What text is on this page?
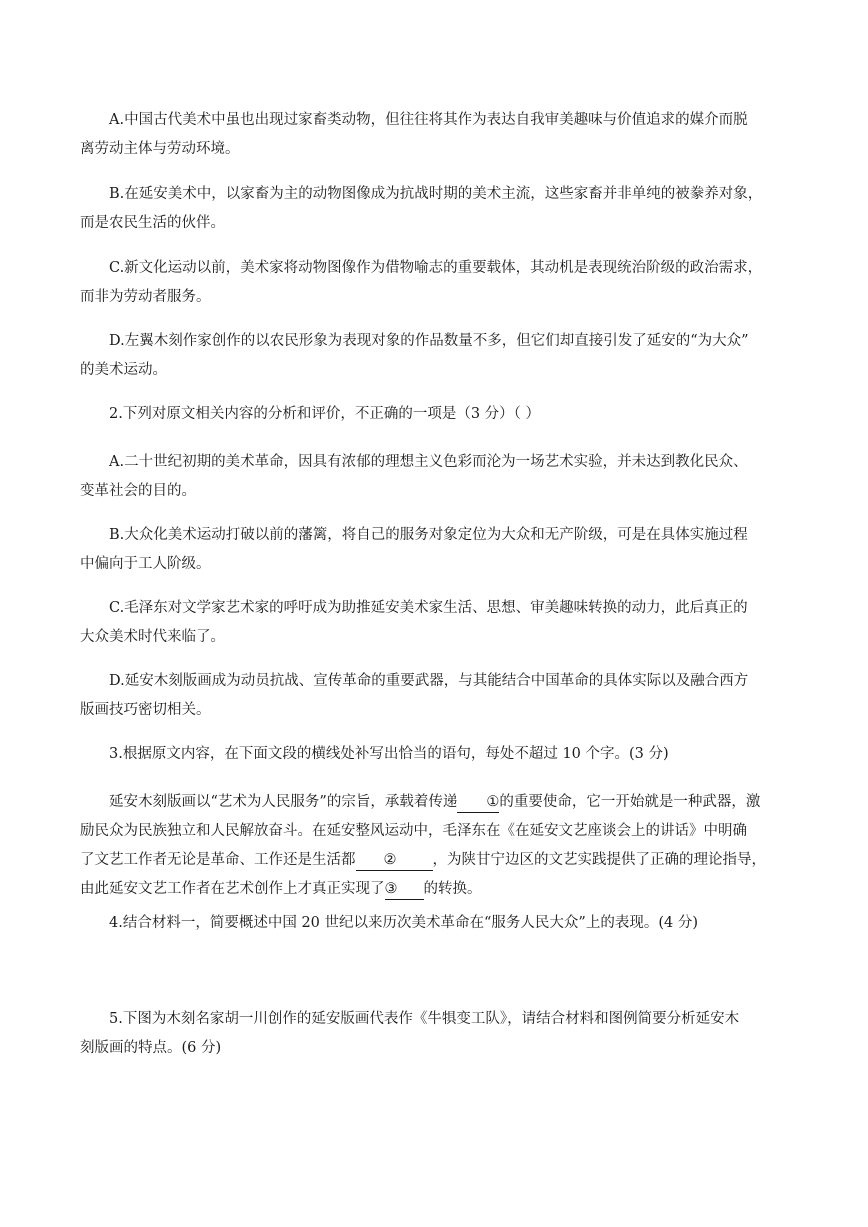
A.中国古代美术中虽也出现过家畜类动物，但往往将其作为表达自我审美趣味与价值追求的媒介而脱
离劳动主体与劳动环境。

B.在延安美术中，以家畜为主的动物图像成为抗战时期的美术主流，这些家畜并非单纯的被豢养对象，
而是农民生活的伙伴。

C.新文化运动以前，美术家将动物图像作为借物喻志的重要载体，其动机是表现统治阶级的政治需求，
而非为劳动者服务。

D.左翼木刻作家创作的以农民形象为表现对象的作品数量不多，但它们却直接引发了延安的“为大众”
的美术运动。

2.下列对原文相关内容的分析和评价，不正确的一项是（3 分）（ ）

A.二十世纪初期的美术革命，因具有浓郁的理想主义色彩而沦为一场艺术实验，并未达到教化民众、
变革社会的目的。

B.大众化美术运动打破以前的藩篱，将自己的服务对象定位为大众和无产阶级，可是在具体实施过程
中偏向于工人阶级。

C.毛泽东对文学家艺术家的呼吁成为助推延安美术家生活、思想、审美趣味转换的动力，此后真正的
大众美术时代来临了。

D.延安木刻版画成为动员抗战、宣传革命的重要武器，与其能结合中国革命的具体实际以及融合西方
版画技巧密切相关。

3.根据原文内容，在下面文段的横线处补写出恰当的语句，每处不超过 10 个字。(3 分)

延安木刻版画以“艺术为人民服务”的宗旨，承载着传递 ①的重要使命，它一开始就是一种武器，激
励民众为民族独立和人民解放奋斗。在延安整风运动中，毛泽东在《在延安文艺座谈会上的讲话》中明确
了文艺工作者无论是革命、工作还是生活都 ② ，为陕甘宁边区的文艺实践提供了正确的理论指导，
由此延安文艺工作者在艺术创作上才真正实现了③ 的转换。

4.结合材料一，简要概述中国 20 世纪以来历次美术革命在“服务人民大众”上的表现。(4 分)

5.下图为木刻名家胡一川创作的延安版画代表作《牛犋变工队》，请结合材料和图例简要分析延安木
刻版画的特点。(6 分)
